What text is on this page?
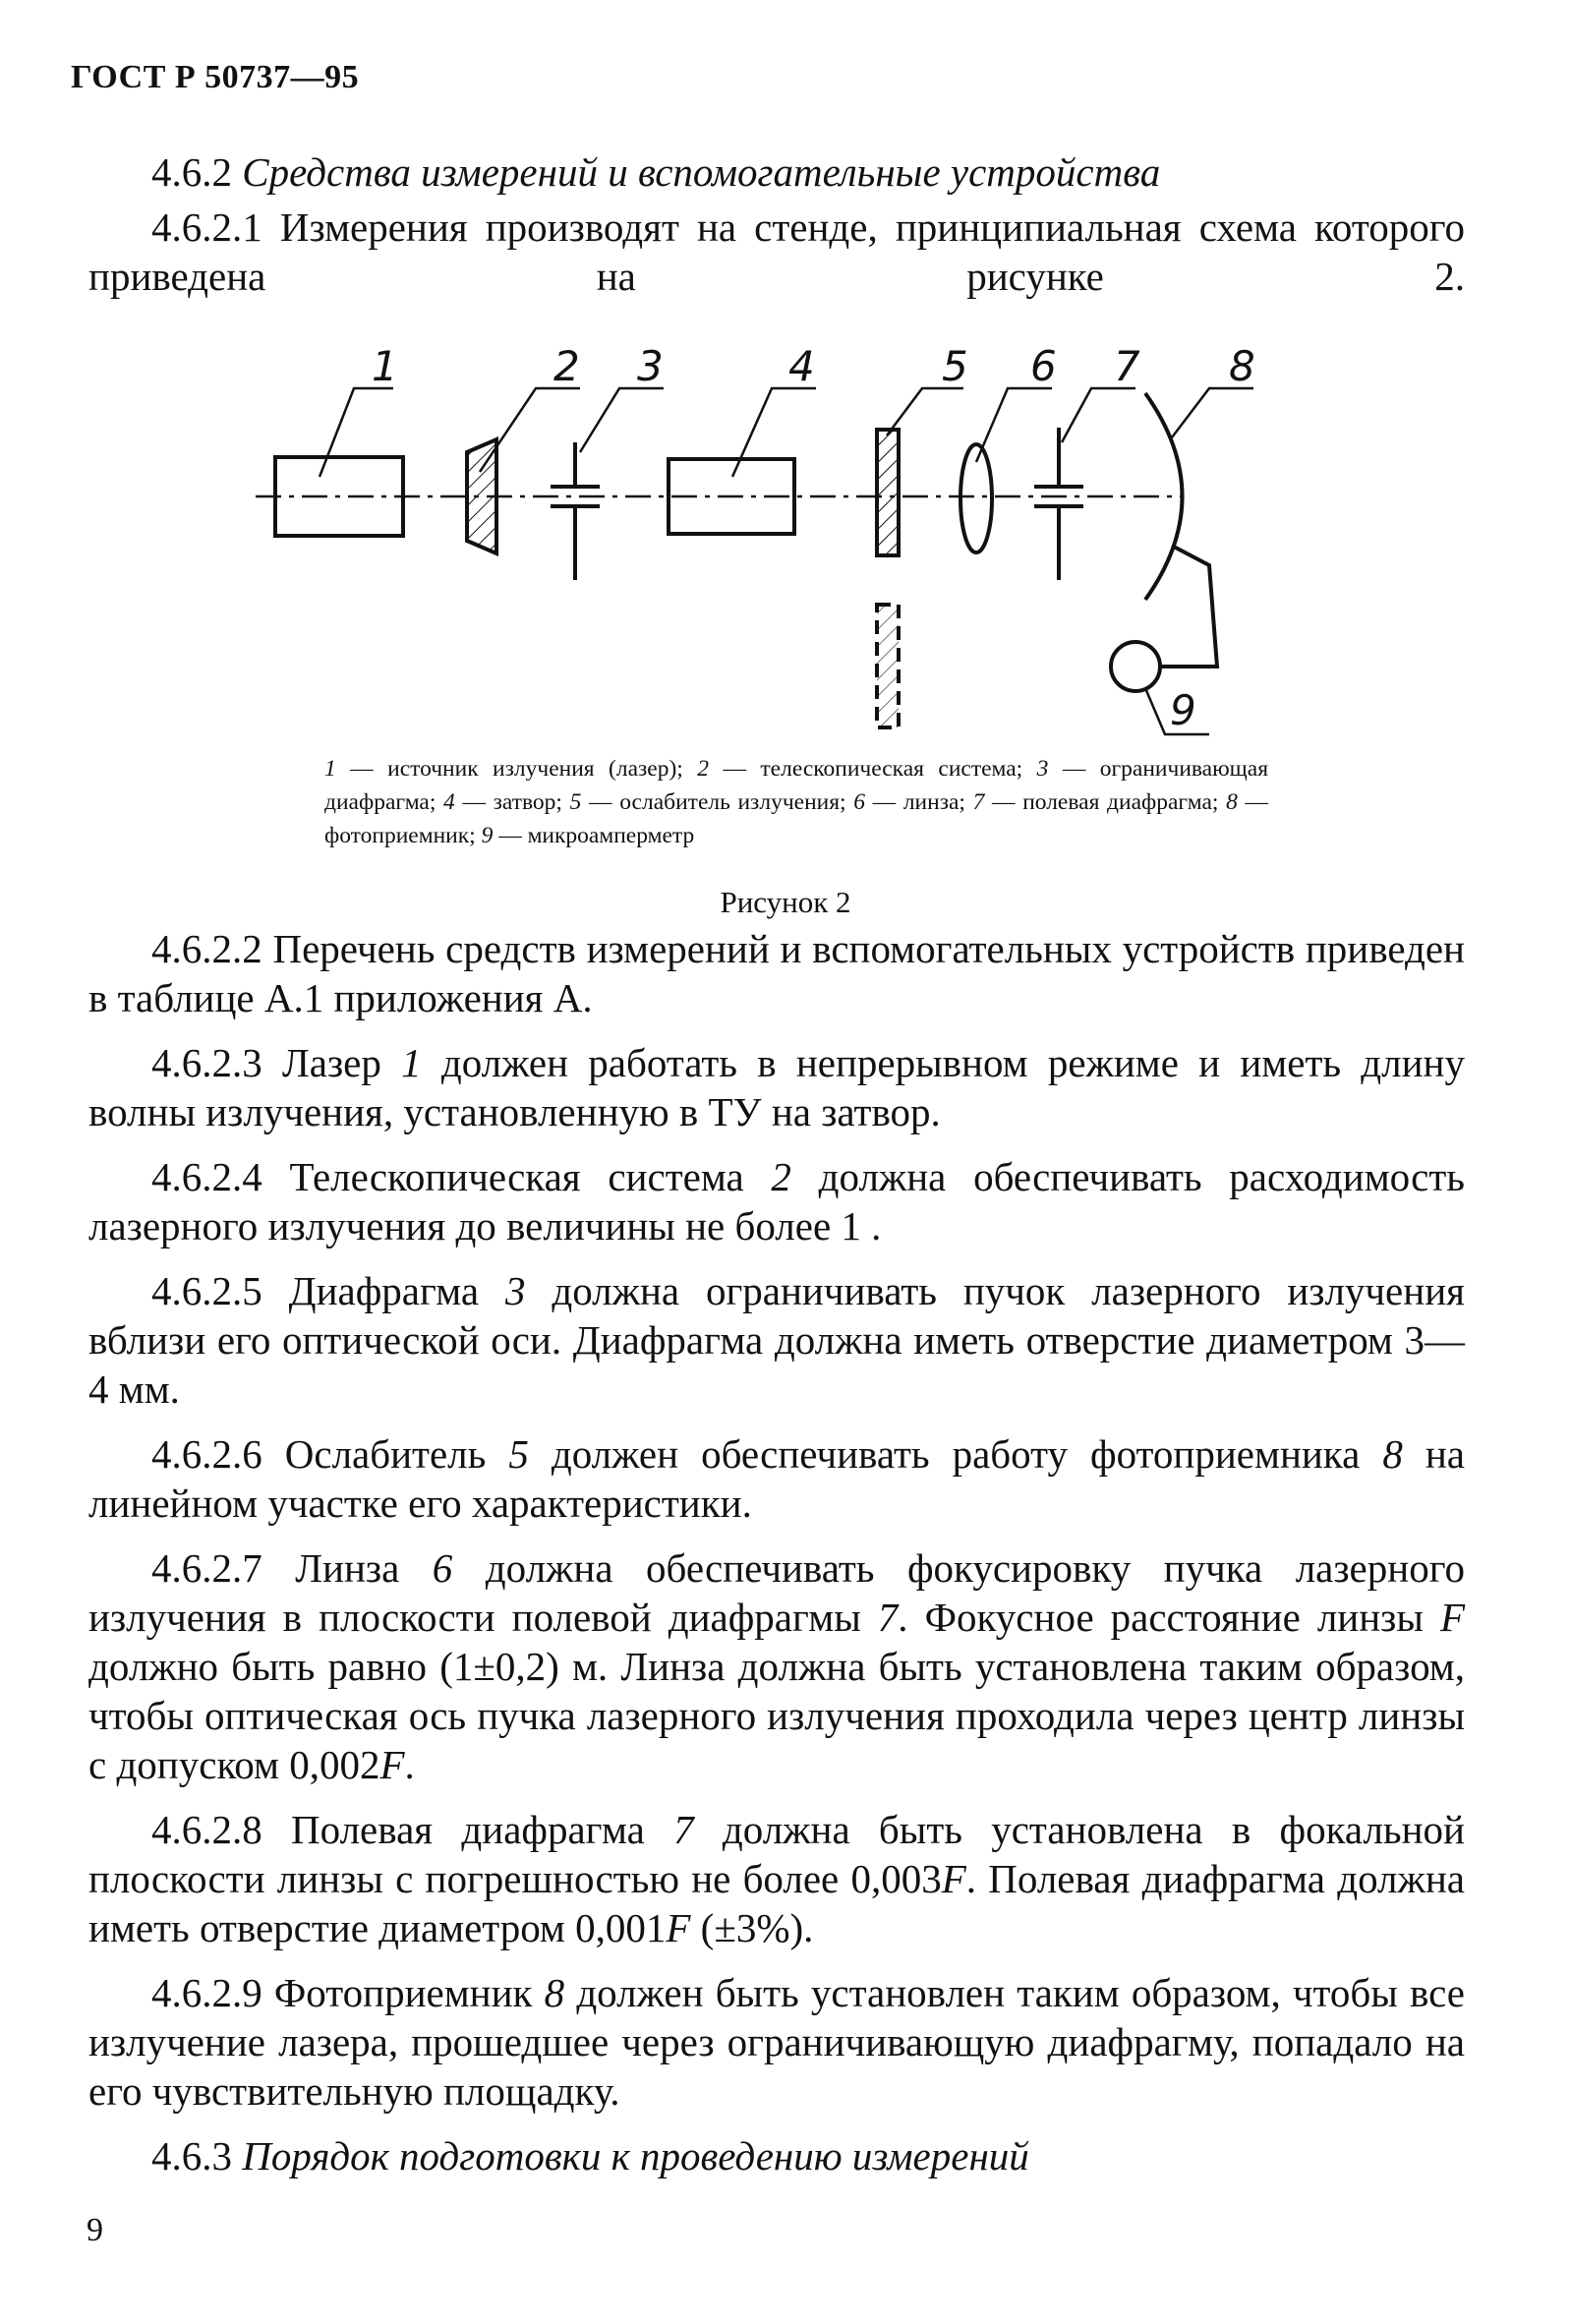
ГОСТ Р 50737—95

4.6.2 Средства измерений и вспомогательные устройства

4.6.2.1 Измерения производят на стенде, принципиальная схема которого приведена на рисунке 2.

1	2 3	4	5 6 7 8
9
1 — источник излучения (лазер); 2 — телескопическая система; 3 — ограничивающая диафрагма; 4 — затвор; 5 — ослабитель излучения; 6 — линза; 7 — полевая диафрагма; 8 — фотоприемник; 9 — микроамперметр
Рисунок 2

4.6.2.2 Перечень средств измерений и вспомогательных устройств приведен в таблице А.1 приложения А.

4.6.2.3 Лазер 1 должен работать в непрерывном режиме и иметь длину волны излучения, установленную в ТУ на затвор.

4.6.2.4 Телескопическая система 2 должна обеспечивать расходимость лазерного излучения до величины не более 1 .

4.6.2.5 Диафрагма 3 должна ограничивать пучок лазерного излучения вблизи его оптической оси. Диафрагма должна иметь отверстие диаметром 3—4 мм.

4.6.2.6 Ослабитель 5 должен обеспечивать работу фотоприемника 8 на линейном участке его характеристики.

4.6.2.7 Линза 6 должна обеспечивать фокусировку пучка лазерного излучения в плоскости полевой диафрагмы 7. Фокусное расстояние линзы F должно быть равно (1±0,2) м. Линза должна быть установлена таким образом, чтобы оптическая ось пучка лазерного излучения проходила через центр линзы с допуском 0,002F.

4.6.2.8 Полевая диафрагма 7 должна быть установлена в фокальной плоскости линзы с погрешностью не более 0,003F. Полевая диафрагма должна иметь отверстие диаметром 0,001F (±3%).

4.6.2.9 Фотоприемник 8 должен быть установлен таким образом, чтобы все излучение лазера, прошедшее через ограничивающую диафрагму, попадало на его чувствительную площадку.

4.6.3 Порядок подготовки к проведению измерений

9
